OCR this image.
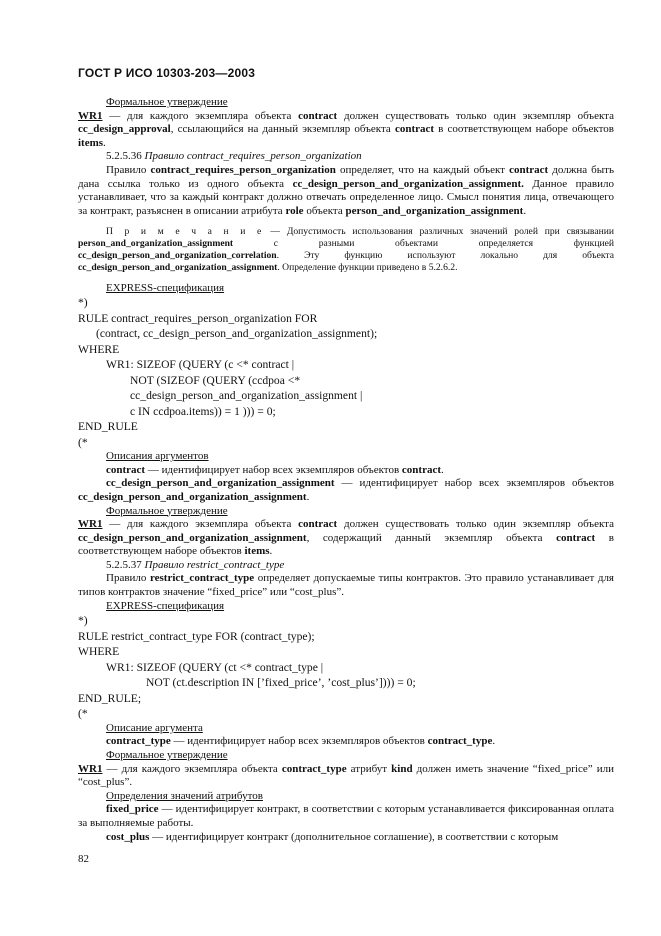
ГОСТ Р ИСО 10303-203—2003
Формальное утверждение

WR1 — для каждого экземпляра объекта contract должен существовать только один экземпляр объекта cc_design_approval, ссылающийся на данный экземпляр объекта contract в соответствующем наборе объектов items.

5.2.5.36 Правило contract_requires_person_organization

Правило contract_requires_person_organization определяет, что на каждый объект contract должна быть дана ссылка только из одного объекта cc_design_person_and_organization_assignment. Данное правило устанавливает, что за каждый контракт должно отвечать определенное лицо. Смысл понятия лица, отвечающего за контракт, разъяснен в описании атрибута role объекта person_and_organization_assignment.

П р и м е ч а н и е — Допустимость использования различных значений ролей при связывании person_and_organization_assignment с разными объектами определяется функцией cc_design_person_and_organization_correlation. Эту функцию используют локально для объекта cc_design_person_and_organization_assignment. Определение функции приведено в 5.2.6.2.

EXPRESS-спецификация

*)

RULE contract_requires_person_organization FOR

(contract, cc_design_person_and_organization_assignment);

WHERE

WR1: SIZEOF (QUERY (c <* contract |

NOT (SIZEOF (QUERY (ccdpoa <*

cc_design_person_and_organization_assignment |

c IN ccdpoa.items)) = 1 ))) = 0;

END_RULE

(*

Описания аргументов

contract — идентифицирует набор всех экземпляров объектов contract.

cc_design_person_and_organization_assignment — идентифицирует набор всех экземпляров объектов cc_design_person_and_organization_assignment.

Формальное утверждение

WR1 — для каждого экземпляра объекта contract должен существовать только один экземпляр объекта cc_design_person_and_organization_assignment, содержащий данный экземпляр объекта contract в соответствующем наборе объектов items.

5.2.5.37 Правило restrict_contract_type

Правило restrict_contract_type определяет допускаемые типы контрактов. Это правило устанавливает для типов контрактов значение “fixed_price” или “cost_plus”.

EXPRESS-спецификация

*)

RULE restrict_contract_type FOR (contract_type);

WHERE

WR1: SIZEOF (QUERY (ct <* contract_type |

NOT (ct.description IN [’fixed_price’, ’cost_plus’]))) = 0;

END_RULE;

(*

Описание аргумента

contract_type — идентифицирует набор всех экземпляров объектов contract_type.

Формальное утверждение

WR1 — для каждого экземпляра объекта contract_type атрибут kind должен иметь значение “fixed_price” или “cost_plus”.

Определения значений атрибутов

fixed_price — идентифицирует контракт, в соответствии с которым устанавливается фиксированная оплата за выполняемые работы.

cost_plus — идентифицирует контракт (дополнительное соглашение), в соответствии с которым

82
